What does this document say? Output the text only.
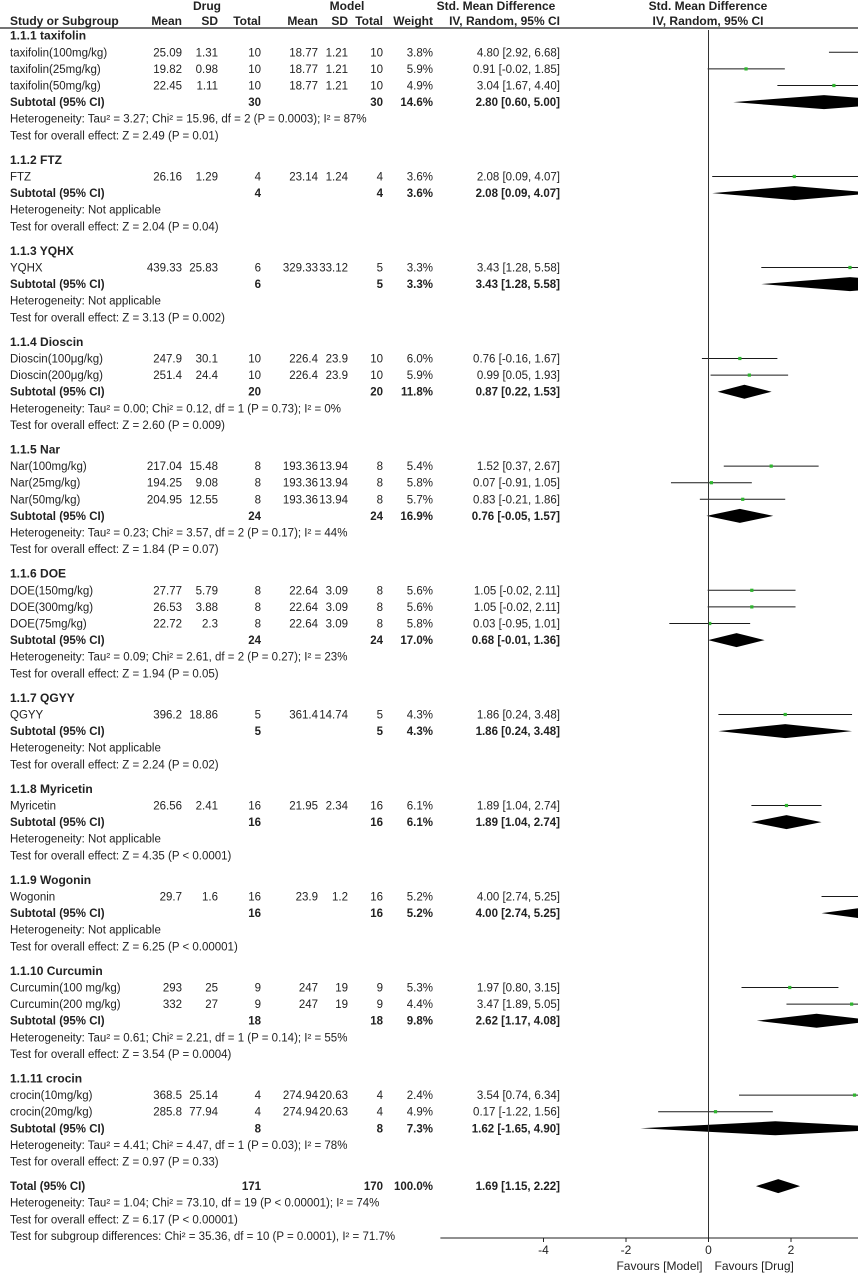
Drug	Model	Std. Mean Difference	Std. Mean Difference
Study or Subgroup	Mean SD Total Mean SD Total Weight IV, Random, 95% CI	IV, Random, 95% CI
1.1.1 taxifolin
taxifolin(100mg/kg)	25.09 1.31	10 18.77 1.21 10 3.8%	4.80 [2.92, 6.68]
taxifolin(25mg/kg)	19.82 0.98	10 18.77 1.21 10 5.9%	0.91 [-0.02, 1.85]
taxifolin(50mg/kg)	22.45 1.11	10 18.77 1.21 10 4.9%	3.04 [1.67, 4.40]
Subtotal (95% CI)	30	30 14.6%	2.80 [0.60, 5.00]
Heterogeneity: Tau² = 3.27; Chi² = 15.96, df = 2 (P = 0.0003); I² = 87%
Test for overall effect: Z = 2.49 (P = 0.01)
1.1.2 FTZ
FTZ	26.16 1.29	4 23.14 1.24 4 3.6%	2.08 [0.09, 4.07]
Subtotal (95% CI)	4	4 3.6%	2.08 [0.09, 4.07]
Heterogeneity: Not applicable
Test for overall effect: Z = 2.04 (P = 0.04)
1.1.3 YQHX
YQHX	439.33 25.83	6 329.33 33.12 5 3.3%	3.43 [1.28, 5.58]
Subtotal (95% CI)	6	5 3.3%	3.43 [1.28, 5.58]
Heterogeneity: Not applicable
Test for overall effect: Z = 3.13 (P = 0.002)
1.1.4 Dioscin
Dioscin(100μg/kg)	247.9 30.1	10 226.4 23.9 10 6.0%	0.76 [-0.16, 1.67]
Dioscin(200μg/kg)	251.4 24.4	10 226.4 23.9 10 5.9%	0.99 [0.05, 1.93]
Subtotal (95% CI)	20	20 11.8%	0.87 [0.22, 1.53]
Heterogeneity: Tau² = 0.00; Chi² = 0.12, df = 1 (P = 0.73); I² = 0%
Test for overall effect: Z = 2.60 (P = 0.009)
1.1.5 Nar
Nar(100mg/kg)	217.04 15.48	8 193.36 13.94 8 5.4%	1.52 [0.37, 2.67]
Nar(25mg/kg)	194.25 9.08	8 193.36 13.94 8 5.8%	0.07 [-0.91, 1.05]
Nar(50mg/kg)	204.95 12.55	8 193.36 13.94 8 5.7%	0.83 [-0.21, 1.86]
Subtotal (95% CI)	24	24 16.9%	0.76 [-0.05, 1.57]
Heterogeneity: Tau² = 0.23; Chi² = 3.57, df = 2 (P = 0.17); I² = 44%
Test for overall effect: Z = 1.84 (P = 0.07)
1.1.6 DOE
DOE(150mg/kg)	27.77 5.79	8 22.64 3.09 8 5.6%	1.05 [-0.02, 2.11]
DOE(300mg/kg)	26.53 3.88	8 22.64 3.09 8 5.6%	1.05 [-0.02, 2.11]
DOE(75mg/kg)	22.72 2.3	8 22.64 3.09 8 5.8%	0.03 [-0.95, 1.01]
Subtotal (95% CI)	24	24 17.0%	0.68 [-0.01, 1.36]
Heterogeneity: Tau² = 0.09; Chi² = 2.61, df = 2 (P = 0.27); I² = 23%
Test for overall effect: Z = 1.94 (P = 0.05)
1.1.7 QGYY
QGYY	396.2 18.86	5 361.4 14.74 5 4.3%	1.86 [0.24, 3.48]
Subtotal (95% CI)	5	5 4.3%	1.86 [0.24, 3.48]
Heterogeneity: Not applicable
Test for overall effect: Z = 2.24 (P = 0.02)
1.1.8 Myricetin
Myricetin	26.56 2.41	16 21.95 2.34 16 6.1%	1.89 [1.04, 2.74]
Subtotal (95% CI)	16	16 6.1%	1.89 [1.04, 2.74]
Heterogeneity: Not applicable
Test for overall effect: Z = 4.35 (P < 0.0001)
1.1.9 Wogonin
Wogonin	29.7 1.6	16	23.9 1.2 16 5.2%	4.00 [2.74, 5.25]
Subtotal (95% CI)	16	16 5.2%	4.00 [2.74, 5.25]
Heterogeneity: Not applicable
Test for overall effect: Z = 6.25 (P < 0.00001)
1.1.10 Curcumin
Curcumin(100 mg/kg)	293 25	9	247 19 9 5.3%	1.97 [0.80, 3.15]
Curcumin(200 mg/kg)	332 27	9	247 19 9 4.4%	3.47 [1.89, 5.05]
Subtotal (95% CI)	18	18 9.8%	2.62 [1.17, 4.08]
Heterogeneity: Tau² = 0.61; Chi² = 2.21, df = 1 (P = 0.14); I² = 55%
Test for overall effect: Z = 3.54 (P = 0.0004)
1.1.11 crocin
crocin(10mg/kg)	368.5 25.14	4 274.94 20.63 4 2.4%	3.54 [0.74, 6.34]
crocin(20mg/kg)	285.8 77.94	4 274.94 20.63 4 4.9%	0.17 [-1.22, 1.56]
Subtotal (95% CI)	8	8 7.3%	1.62 [-1.65, 4.90]
Heterogeneity: Tau² = 4.41; Chi² = 4.47, df = 1 (P = 0.03); I² = 78%
Test for overall effect: Z = 0.97 (P = 0.33)
Total (95% CI)	171	170 100.0%	1.69 [1.15, 2.22]
Heterogeneity: Tau² = 1.04; Chi² = 73.10, df = 19 (P < 0.00001); I² = 74%
Test for overall effect: Z = 6.17 (P < 0.00001)
Test for subgroup differences: Chi² = 35.36, df = 10 (P = 0.0001), I² = 71.7%
-4	-2	0	2
Favours [Model] Favours [Drug]
